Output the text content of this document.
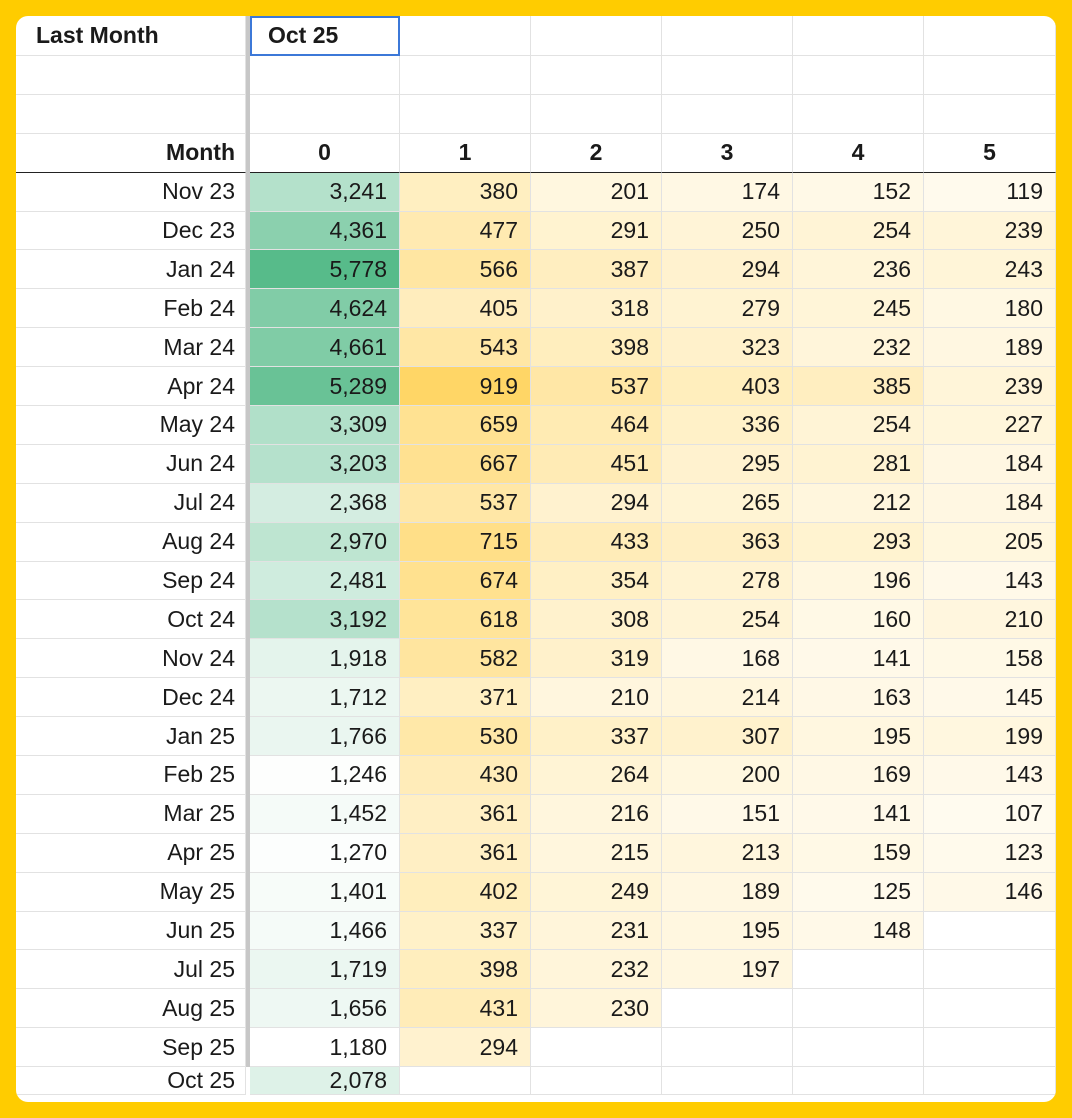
Last Month	Oct 25
Month	0	1	2	3	4	5
Nov 23	3,241	380	201	174	152	119
Dec 23	4,361	477	291	250	254	239
Jan 24	5,778	566	387	294	236	243
Feb 24	4,624	405	318	279	245	180
Mar 24	4,661	543	398	323	232	189
Apr 24	5,289	919	537	403	385	239
May 24	3,309	659	464	336	254	227
Jun 24	3,203	667	451	295	281	184
Jul 24	2,368	537	294	265	212	184
Aug 24	2,970	715	433	363	293	205
Sep 24	2,481	674	354	278	196	143
Oct 24	3,192	618	308	254	160	210
Nov 24	1,918	582	319	168	141	158
Dec 24	1,712	371	210	214	163	145
Jan 25	1,766	530	337	307	195	199
Feb 25	1,246	430	264	200	169	143
Mar 25	1,452	361	216	151	141	107
Apr 25	1,270	361	215	213	159	123
May 25	1,401	402	249	189	125	146
Jun 25	1,466	337	231	195	148
Jul 25	1,719	398	232	197
Aug 25	1,656	431	230
Sep 25	1,180	294
Oct 25	2,078
